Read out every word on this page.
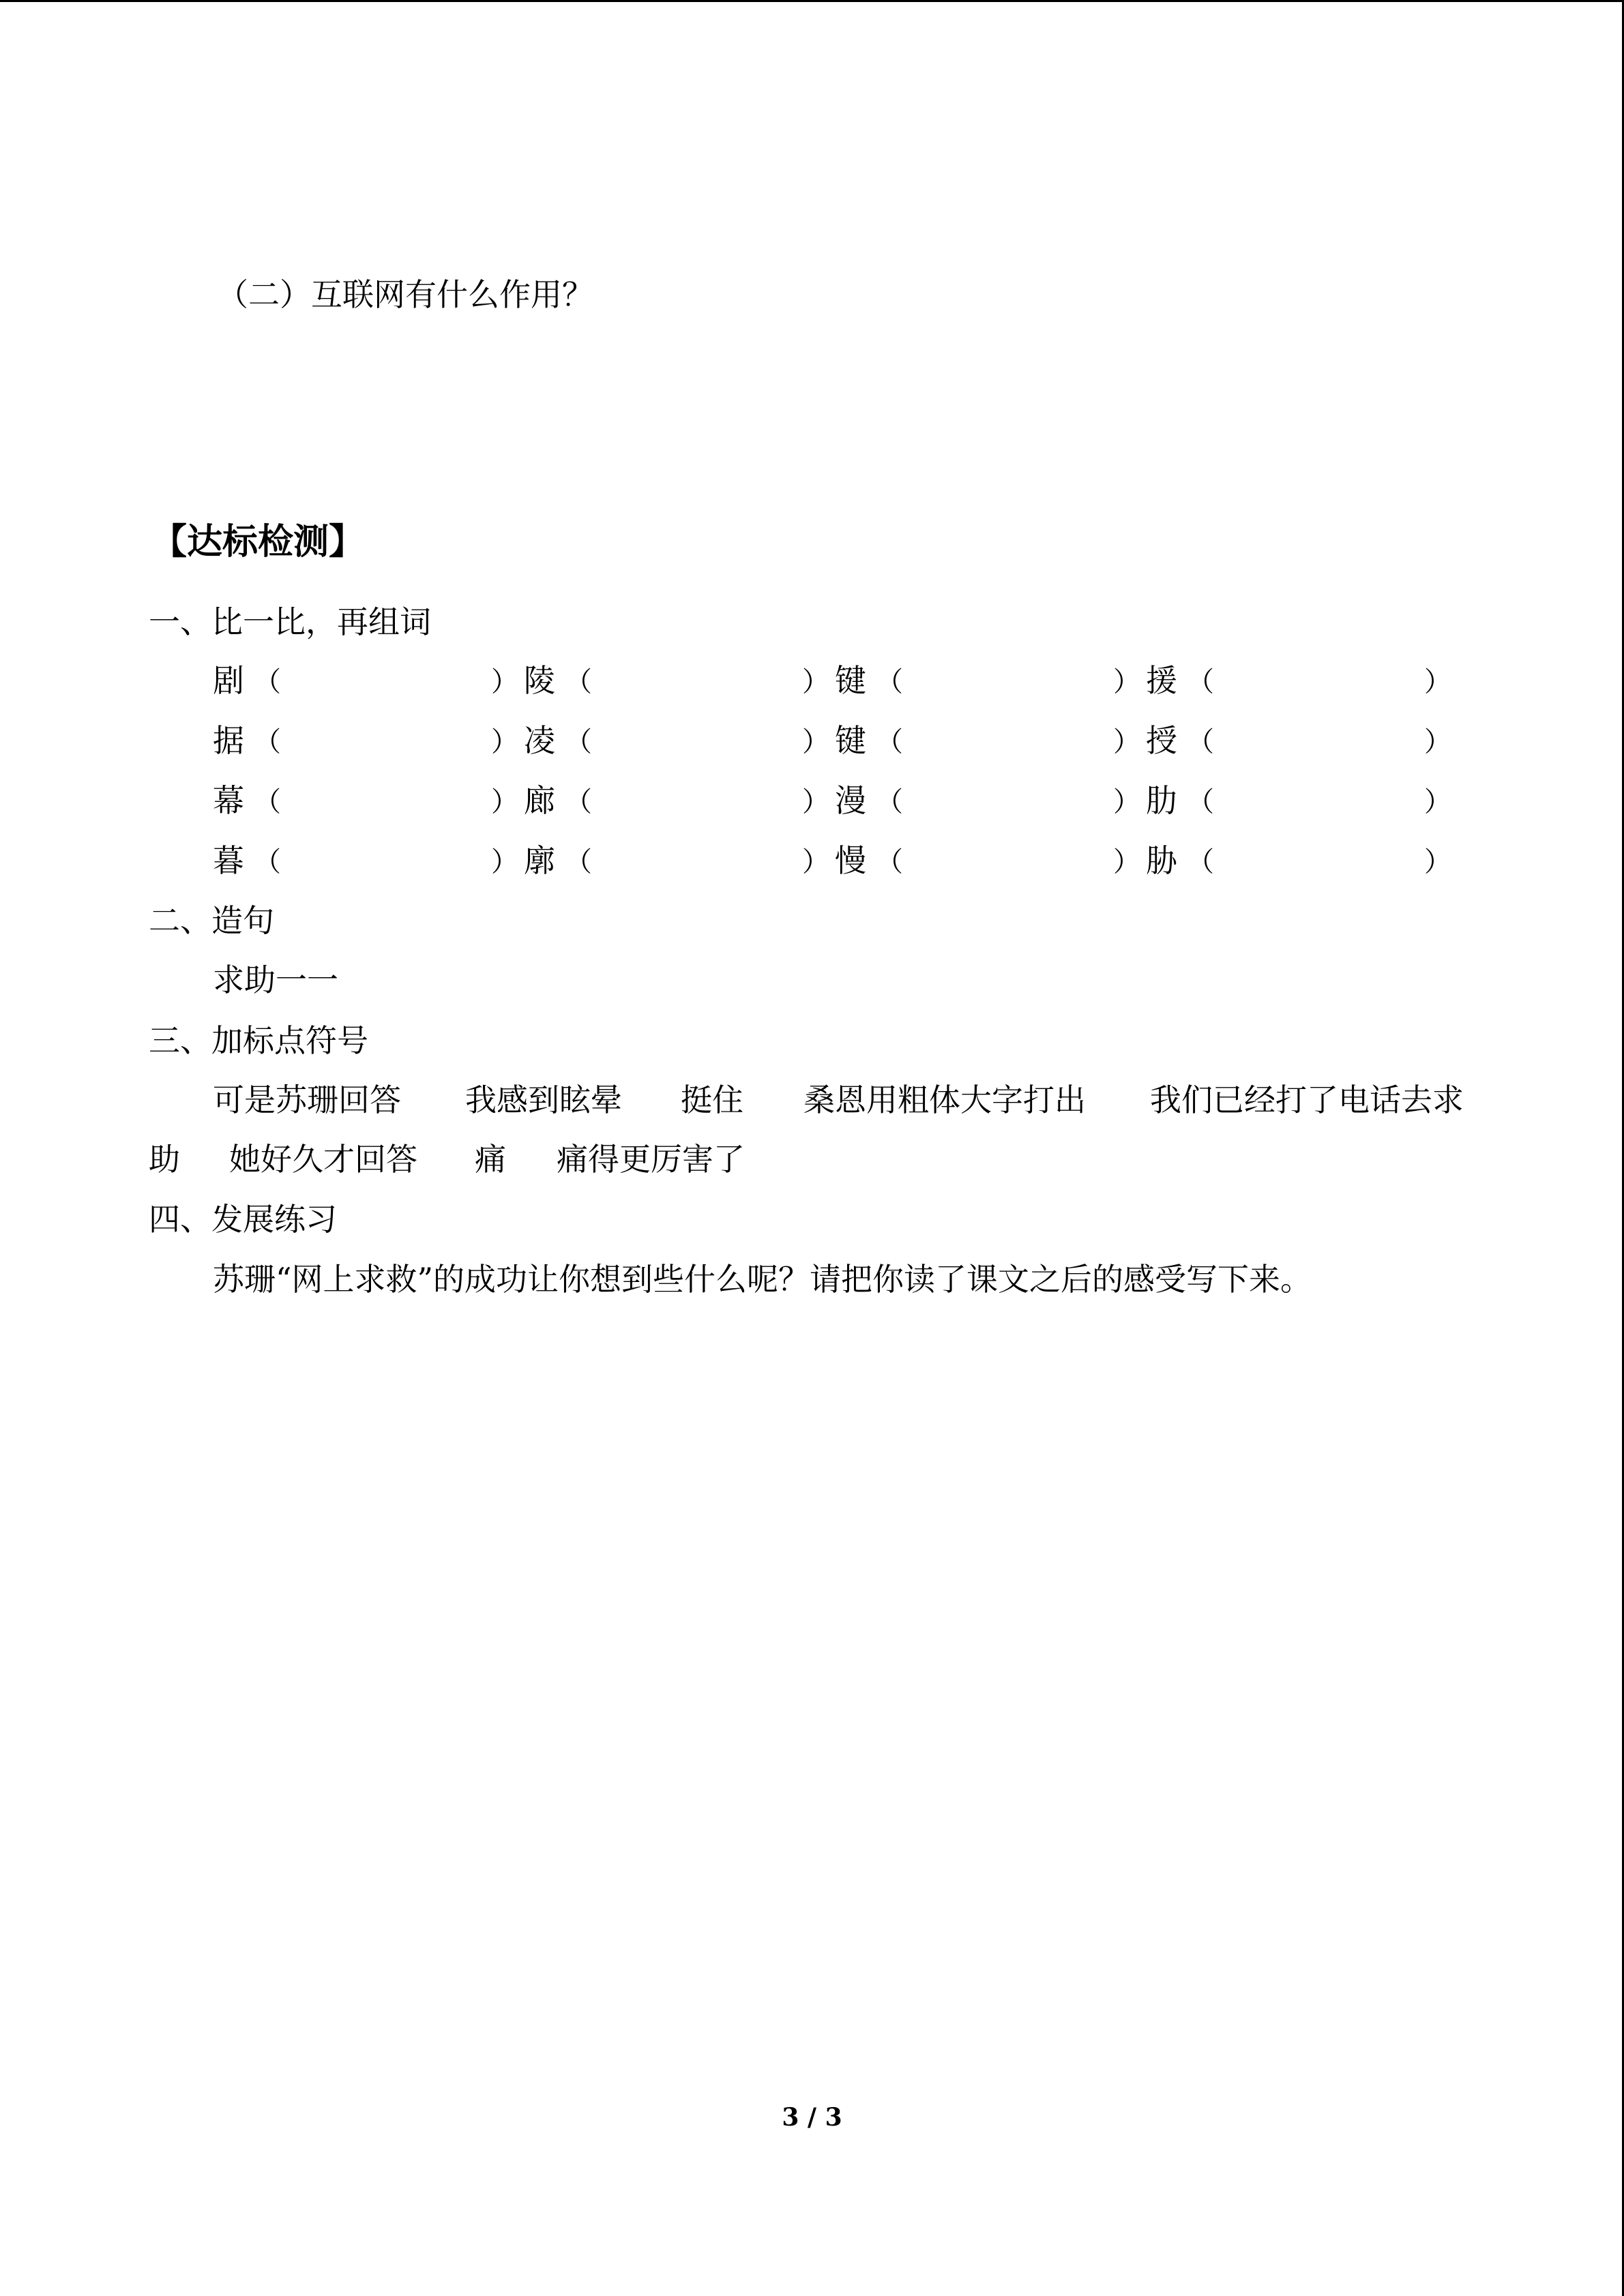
（二）互联网有什么作用？
【达标检测】
一、比一比，再组词
剧 （	） 陵 （	） 键 （	） 援 （	）
据 （	） 凌 （	） 键 （	） 授 （	）
幕 （	） 廊 （	） 漫 （	） 肋 （	）
暮 （	） 廓 （	） 慢 （	） 胁 （	）
二、造句
求助一一
三、加标点符号
可是苏珊回答 我感到眩晕 挺住 桑恩用粗体大字打出 我们已经打了电话去求
助 她好久才回答 痛 痛得更厉害了
四、发展练习
苏珊“网上求救”的成功让你想到些什么呢？请把你读了课文之后的感受写下来。
3 / 3
